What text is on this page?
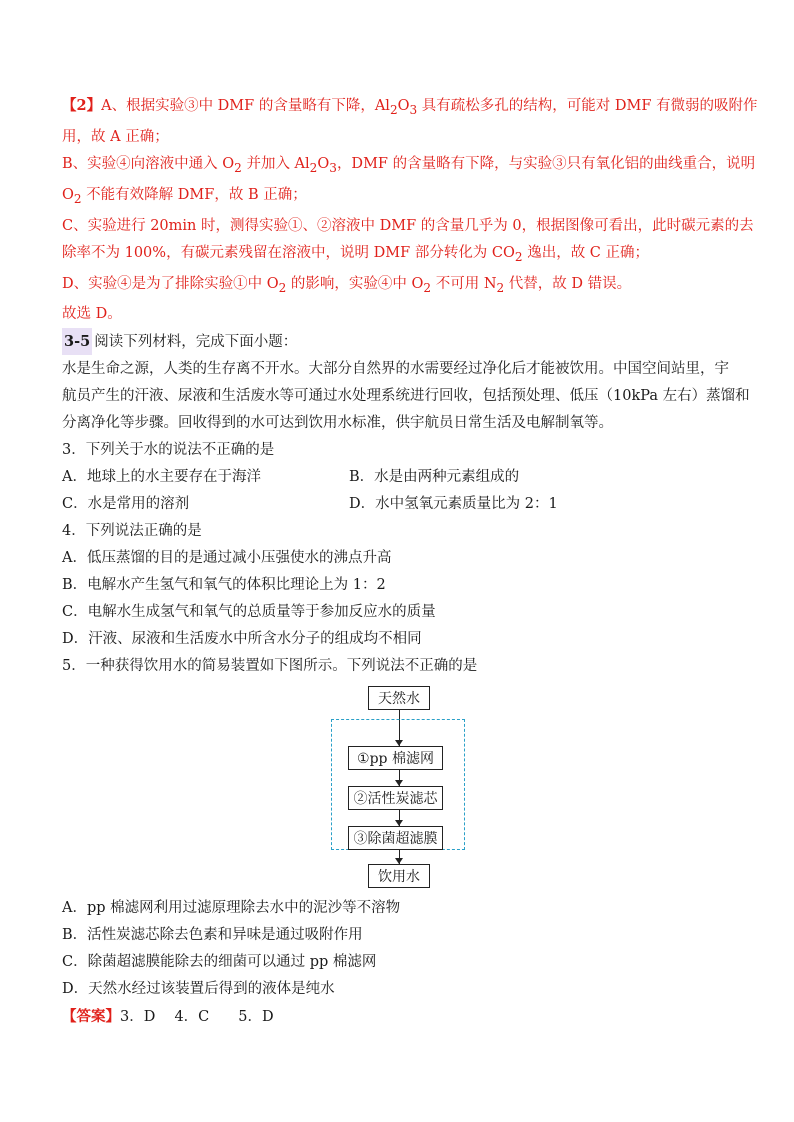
【2】A、根据实验③中 DMF 的含量略有下降，$Al_2O_3$ 具有疏松多孔的结构，可能对 DMF 有微弱的吸附作
用，故 A 正确；
B、实验④向溶液中通入 $O_2$ 并加入 $Al_2O_3$，DMF 的含量略有下降，与实验③只有氧化铝的曲线重合，说明
$O_2$ 不能有效降解 DMF，故 B 正确；
C、实验进行 20min 时，测得实验①、②溶液中 DMF 的含量几乎为 0，根据图像可看出，此时碳元素的去
除率不为 100%，有碳元素残留在溶液中，说明 DMF 部分转化为 $CO_2$ 逸出，故 C 正确；
D、实验④是为了排除实验①中 $O_2$ 的影响，实验④中 $O_2$ 不可用 $N_2$ 代替，故 D 错误。
故选 D。
3-5 阅读下列材料，完成下面小题：
水是生命之源，人类的生存离不开水。大部分自然界的水需要经过净化后才能被饮用。中国空间站里，宇
航员产生的汗液、尿液和生活废水等可通过水处理系统进行回收，包括预处理、低压（10kPa 左右）蒸馏和
分离净化等步骤。回收得到的水可达到饮用水标准，供宇航员日常生活及电解制氧等。
3．下列关于水的说法不正确的是
A．地球上的水主要存在于海洋	B．水是由两种元素组成的
C．水是常用的溶剂	D．水中氢氧元素质量比为 2：1
4．下列说法正确的是
A．低压蒸馏的目的是通过减小压强使水的沸点升高
B．电解水产生氢气和氧气的体积比理论上为 1：2
C．电解水生成氢气和氧气的总质量等于参加反应水的质量
D．汗液、尿液和生活废水中所含水分子的组成均不相同
5．一种获得饮用水的简易装置如下图所示。下列说法不正确的是
天然水
①pp 棉滤网
②活性炭滤芯
③除菌超滤膜
饮用水
A．pp 棉滤网利用过滤原理除去水中的泥沙等不溶物
B．活性炭滤芯除去色素和异味是通过吸附作用
C．除菌超滤膜能除去的细菌可以通过 pp 棉滤网
D．天然水经过该装置后得到的液体是纯水
【答案】3．D　 4．C　　5．D
